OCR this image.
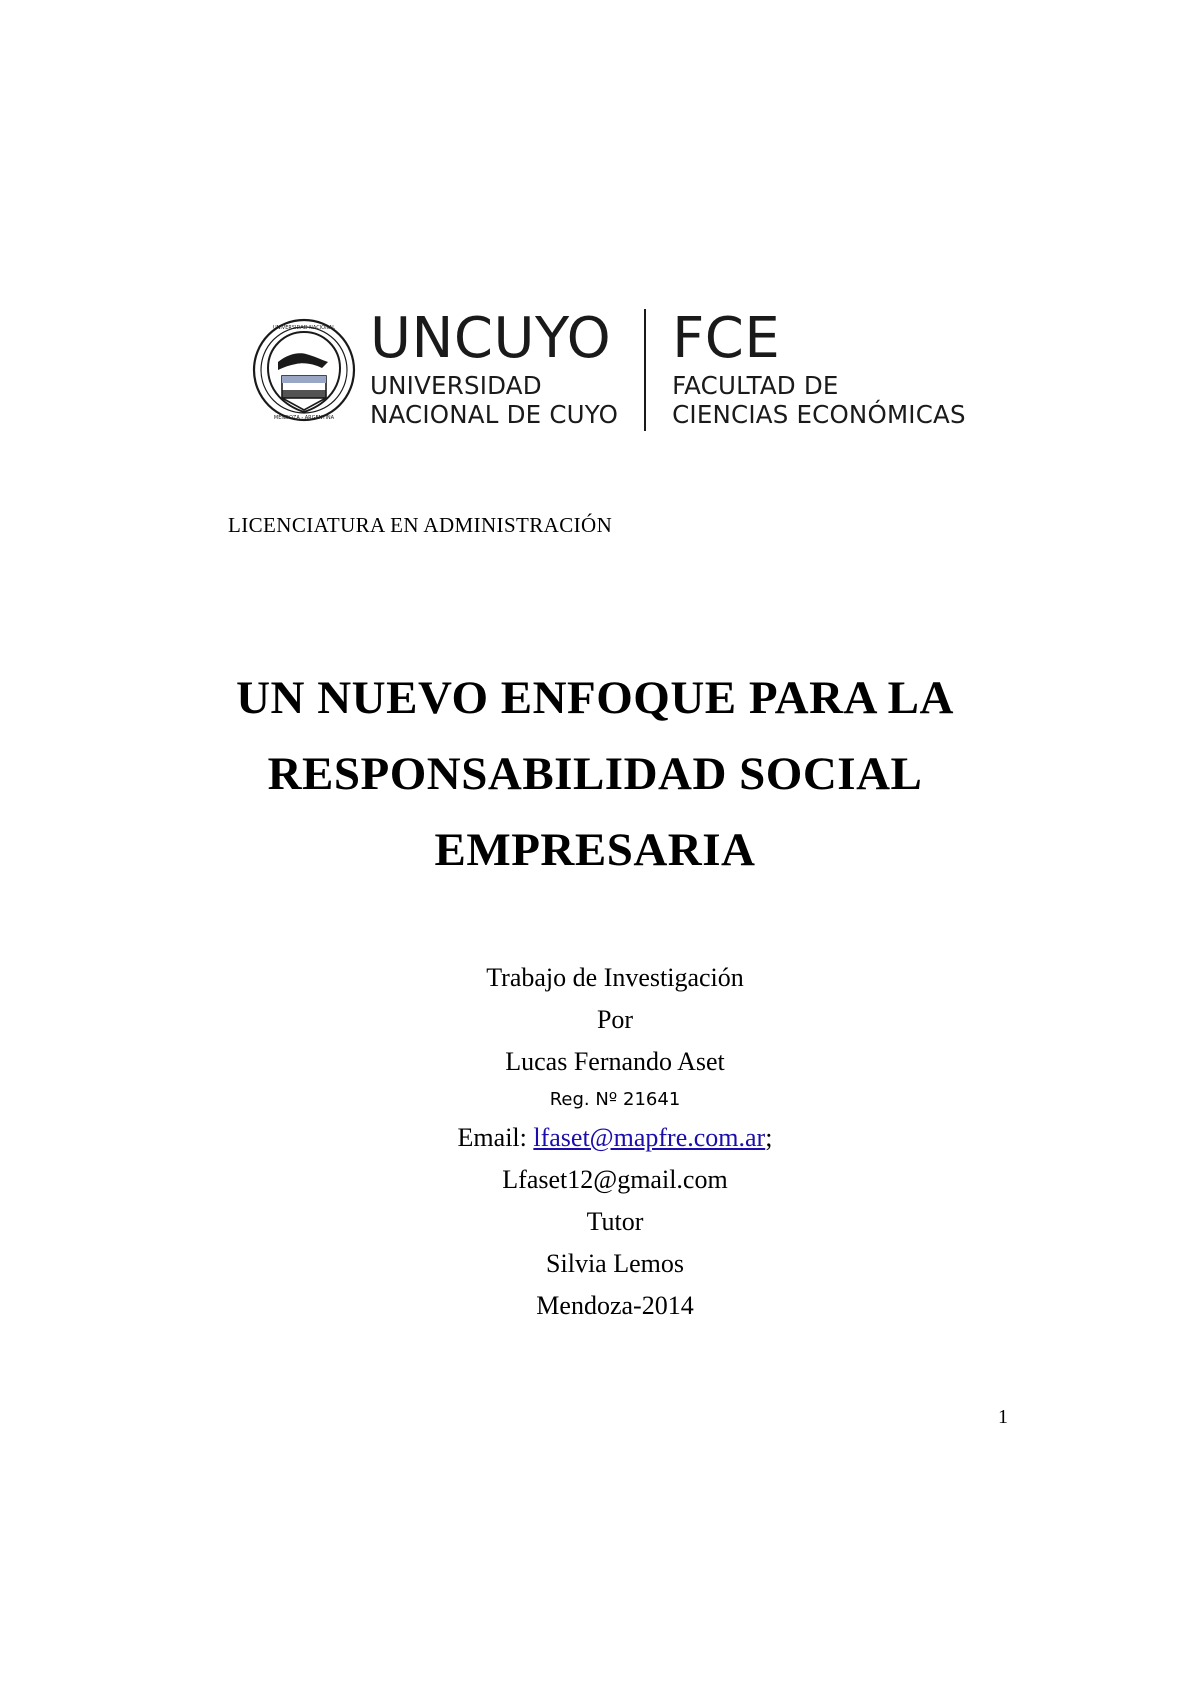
UNIVERSIDAD NACIONAL
MENDOZA - ARGENTINA
UNCUYO
UNIVERSIDAD
NACIONAL DE CUYO
FCE
FACULTAD DE
CIENCIAS ECONÓMICAS
LICENCIATURA EN ADMINISTRACIÓN
UN NUEVO ENFOQUE PARA LA
RESPONSABILIDAD SOCIAL
EMPRESARIA
Trabajo de Investigación
Por
Lucas Fernando Aset
Reg. Nº 21641
Email: lfaset@mapfre.com.ar;
Lfaset12@gmail.com
Tutor
Silvia Lemos
Mendoza-2014
1
